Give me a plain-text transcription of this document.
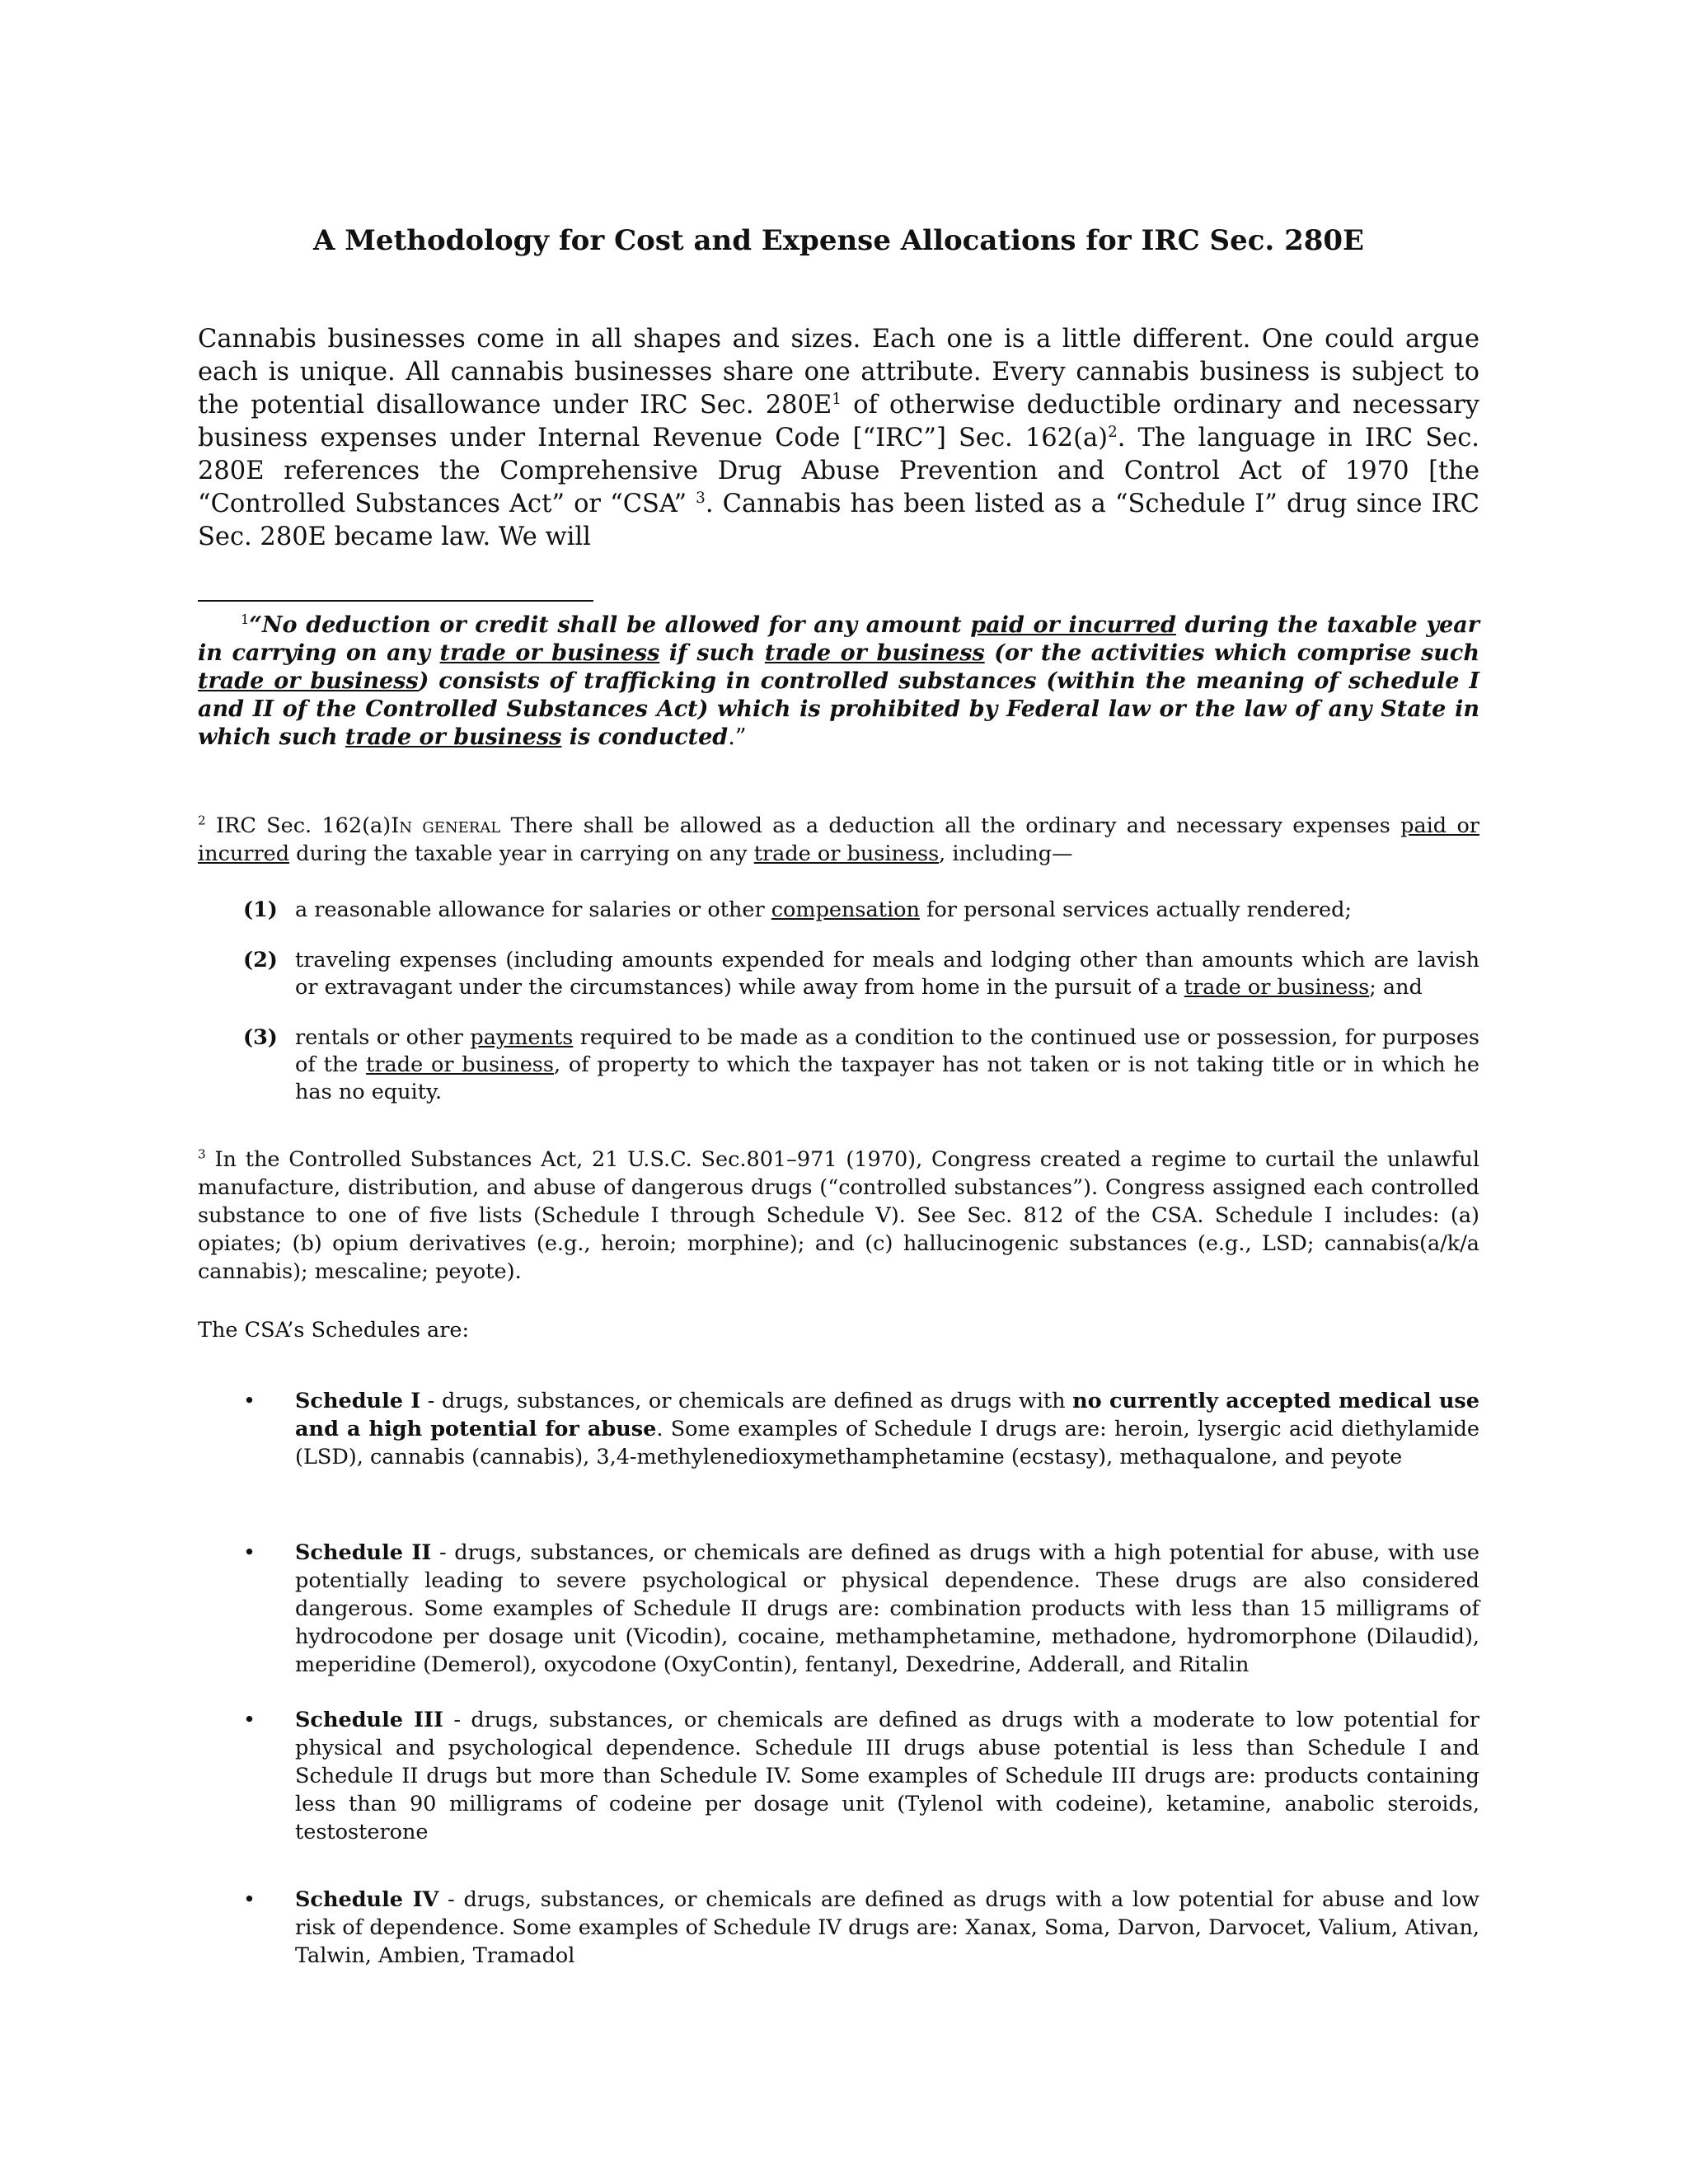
A Methodology for Cost and Expense Allocations for IRC Sec. 280E

Cannabis businesses come in all shapes and sizes. Each one is a little different. One could argue each is unique. All cannabis businesses share one attribute. Every cannabis business is subject to the potential disallowance under IRC Sec. $280E^1$ of otherwise deductible ordinary and necessary business expenses under Internal Revenue Code [“IRC”] Sec. $162(a)^2$. The language in IRC Sec. 280E references the Comprehensive Drug Abuse Prevention and Control Act of 1970 [the “Controlled Substances Act” or “CSA” $^3$. Cannabis has been listed as a “Schedule I” drug since IRC Sec. 280E became law. We will

$^1$“No deduction or credit shall be allowed for any amount paid or incurred during the taxable year in carrying on any trade or business if such trade or business (or the activities which comprise such trade or business) consists of trafficking in controlled substances (within the meaning of schedule I and II of the Controlled Substances Act) which is prohibited by Federal law or the law of any State in which such trade or business is conducted.”

$^2$ IRC Sec. 162(a)In general There shall be allowed as a deduction all the ordinary and necessary expenses paid or incurred during the taxable year in carrying on any trade or business, including—

(1) a reasonable allowance for salaries or other compensation for personal services actually rendered;
(2) traveling expenses (including amounts expended for meals and lodging other than amounts which are lavish or extravagant under the circumstances) while away from home in the pursuit of a trade or business; and
(3) rentals or other payments required to be made as a condition to the continued use or possession, for purposes of the trade or business, of property to which the taxpayer has not taken or is not taking title or in which he has no equity.

$^3$ In the Controlled Substances Act, 21 U.S.C. Sec.801–971 (1970), Congress created a regime to curtail the unlawful manufacture, distribution, and abuse of dangerous drugs (“controlled substances”). Congress assigned each controlled substance to one of five lists (Schedule I through Schedule V). See Sec. 812 of the CSA. Schedule I includes: (a) opiates; (b) opium derivatives (e.g., heroin; morphine); and (c) hallucinogenic substances (e.g., LSD; cannabis(a/k/a cannabis); mescaline; peyote).

The CSA’s Schedules are:

• Schedule I - drugs, substances, or chemicals are defined as drugs with no currently accepted medical use and a high potential for abuse. Some examples of Schedule I drugs are: heroin, lysergic acid diethylamide (LSD), cannabis (cannabis), 3,4-methylenedioxymethamphetamine (ecstasy), methaqualone, and peyote
• Schedule II - drugs, substances, or chemicals are defined as drugs with a high potential for abuse, with use potentially leading to severe psychological or physical dependence. These drugs are also considered dangerous. Some examples of Schedule II drugs are: combination products with less than 15 milligrams of hydrocodone per dosage unit (Vicodin), cocaine, methamphetamine, methadone, hydromorphone (Dilaudid), meperidine (Demerol), oxycodone (OxyContin), fentanyl, Dexedrine, Adderall, and Ritalin
• Schedule III - drugs, substances, or chemicals are defined as drugs with a moderate to low potential for physical and psychological dependence. Schedule III drugs abuse potential is less than Schedule I and Schedule II drugs but more than Schedule IV. Some examples of Schedule III drugs are: products containing less than 90 milligrams of codeine per dosage unit (Tylenol with codeine), ketamine, anabolic steroids, testosterone
• Schedule IV - drugs, substances, or chemicals are defined as drugs with a low potential for abuse and low risk of dependence. Some examples of Schedule IV drugs are: Xanax, Soma, Darvon, Darvocet, Valium, Ativan, Talwin, Ambien, Tramadol
